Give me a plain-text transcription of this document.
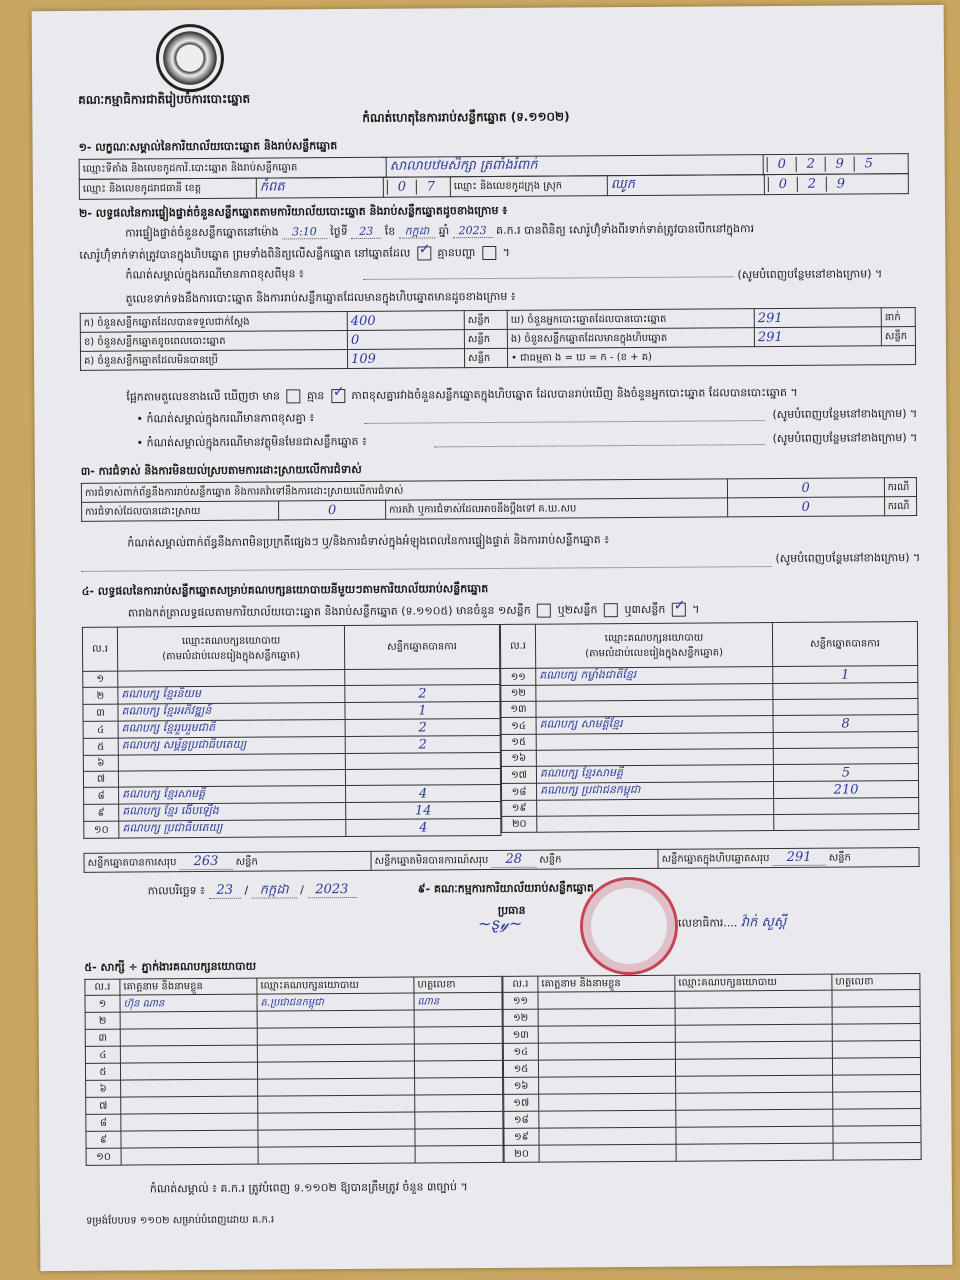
គណៈកម្មាធិការជាតិរៀបចំការបោះឆ្នោត
កំណត់ហេតុនៃការរាប់សន្លឹកឆ្នោត (ទ.១១០២)
១- លក្ខណៈសម្គាល់នៃការិយាល័យបោះឆ្នោត និងរាប់សន្លឹកឆ្នោត
ឈ្មោះទីតាំង និងលេខកូដការិ.បោះឆ្នោត និងរាប់សន្លឹកឆ្នោត	សាលាបឋមសិក្សា ត្រពាំងរំពាក់	0 2 9 5
ឈ្មោះ និងលេខកូដរាជធានី ខេត្ត	កំពត	0 7	ឈ្មោះ និងលេខកូដក្រុង ស្រុក	ឈូក	0 2 9
២- លទ្ធផលនៃការផ្ទៀងផ្ទាត់ចំនួនសន្លឹកឆ្នោតតាមការិយាល័យបោះឆ្នោត និងរាប់សន្លឹកឆ្នោតដូចខាងក្រោម ៖
ការផ្ទៀងផ្ទាត់ចំនួនសន្លឹកឆ្នោតនៅម៉ោង 3:10 ថ្ងៃទី 23 ខែ កក្កដា ឆ្នាំ 2023 គ.ក.រ បានពិនិត្យ សោរ៉ូហ៊ុំទាំងពីរទាក់ទាត់ត្រូវបានបើកនៅក្នុងការ
សោរ៉ូហ៊ុំទាក់ទាត់ត្រូវបានក្នុងហិបឆ្នោត ព្រមទាំងពិនិត្យលើសន្លឹកឆ្នោត នៅឆ្នោតដែល ✓ គ្មានបញ្ហា  ។
កំណត់សម្គាល់ក្នុងករណីមានភាពខុសពីមុន ៖	(សូមបំពេញបន្ថែមនៅខាងក្រោម) ។
តួលេខទាក់ទងនឹងការបោះឆ្នោត និងការរាប់សន្លឹកឆ្នោតដែលមានក្នុងហិបឆ្នោតមានដូចខាងក្រោម ៖
ក) ចំនួនសន្លឹកឆ្នោតដែលបានទទួលជាក់ស្តែង	400	សន្លឹក	ឃ) ចំនួនអ្នកបោះឆ្នោតដែលបានបោះឆ្នោត	291	នាក់
ខ) ចំនួនសន្លឹកឆ្នោតខូចពេលបោះឆ្នោត	0	សន្លឹក	ង) ចំនួនសន្លឹកឆ្នោតដែលមានក្នុងហិបឆ្នោត	291	សន្លឹក
គ) ចំនួនសន្លឹកឆ្នោតដែលមិនបានប្រើ	109	សន្លឹក	• ជាធម្មតា ង = ឃ = ក - (ខ + គ)		
ផ្អែកតាមតួលេខខាងលើ ឃើញថា មាន គ្មាន ✓ ភាពខុសគ្នារវាងចំនួនសន្លឹកឆ្នោតក្នុងហិបឆ្នោត ដែលបានរាប់ឃើញ និងចំនួនអ្នកបោះឆ្នោត ដែលបានបោះឆ្នោត ។
• កំណត់សម្គាល់ក្នុងករណីមានភាពខុសគ្នា ៖	(សូមបំពេញបន្ថែមនៅខាងក្រោម) ។
• កំណត់សម្គាល់ក្នុងករណីមានវត្ថុមិនមែនជាសន្លឹកឆ្នោត ៖	(សូមបំពេញបន្ថែមនៅខាងក្រោម) ។
៣- ការជំទាស់ និងការមិនយល់ស្របតាមការដោះស្រាយលើការជំទាស់
ការជំទាស់ពាក់ព័ន្ធនឹងការរាប់សន្លឹកឆ្នោត និងការតវ៉ាទៅនឹងការដោះស្រាយលើការជំទាស់			0	ករណី
ការជំទាស់ដែលបានដោះស្រាយ	0	ការតវ៉ា ឬការជំទាស់ដែលអាចនឹងប្តឹងទៅ គ.ឃ.សប	0	ករណី
កំណត់សម្គាល់ពាក់ព័ន្ធនឹងភាពមិនប្រក្រតីផ្សេងៗ ឬ/និងការជំទាស់ក្នុងអំឡុងពេលនៃការផ្ទៀងផ្ទាត់ និងការរាប់សន្លឹកឆ្នោត ៖
(សូមបំពេញបន្ថែមនៅខាងក្រោម) ។
៤- លទ្ធផលនៃការរាប់សន្លឹកឆ្នោតសម្រាប់គណបក្សនយោបាយនីមួយៗតាមការិយាល័យរាប់សន្លឹកឆ្នោត
តារាងកត់ត្រាលទ្ធផលតាមការិយាល័យបោះឆ្នោត និងរាប់សន្លឹកឆ្នោត (ទ.១១០៥) មានចំនួន ១សន្លឹក ឬ២សន្លឹក ឬ៣សន្លឹក ✓ ។
ល.រ	ឈ្មោះគណបក្សនយោបាយ
(តាមលំដាប់លេខរៀងក្នុងសន្លឹកឆ្នោត)	សន្លឹកឆ្នោតបានការ
១		
២	គណបក្ស ខ្មែរនិយម	2
៣	គណបក្ស ខ្មែរអភិវឌ្ឍន៍	1
៤	គណបក្ស ខ្មែររួបរួមជាតិ	2
៥	គណបក្ស សម្ព័ន្ធប្រជាធិបតេយ្យ	2
៦		
៧		
៨	គណបក្ស ខ្មែរសាមគ្គី	4
៩	គណបក្ស ខ្មែរ ងើបឡើង	14
១០	គណបក្ស ប្រជាធិបតេយ្យ	4
ល.រ	ឈ្មោះគណបក្សនយោបាយ
(តាមលំដាប់លេខរៀងក្នុងសន្លឹកឆ្នោត)	សន្លឹកឆ្នោតបានការ
១១	គណបក្ស កម្លាំងជាតិខ្មែរ	1
១២		
១៣		
១៤	គណបក្ស សាមគ្គីខ្មែរ	8
១៥		
១៦		
១៧	គណបក្ស ខ្មែរសាមគ្គី	5
១៨	គណបក្ស ប្រជាជនកម្ពុជា	210
១៩		
២០		
សន្លឹកឆ្នោតបានការសរុប 263 សន្លឹក	សន្លឹកឆ្នោតមិនបានការណ៍សរុប 28 សន្លឹក	សន្លឹកឆ្នោតក្នុងហិបឆ្នោតសរុប 291 សន្លឹក
កាលបរិច្ឆេទ ៖ 23 / កក្កដា / 2023	៩- គណៈកម្មការការិយាល័យរាប់សន្លឹកឆ្នោត
ប្រធាន
~ȿ𝓎~	លេខាធិការ.... វ៉ាក់ សួស្តី
៥- សាក្សី ÷ ភ្នាក់ងារគណបក្សនយោបាយ
ល.រ	គោត្តនាម និងនាមខ្លួន	ឈ្មោះគណបក្សនយោបាយ	ហត្ថលេខា
១	ហ៊ុន ណាន	គ.ប្រជាជនកម្ពុជា	ណាន
២			
៣			
៤			
៥			
៦			
៧			
៨			
៩			
១០			
ល.រ	គោត្តនាម និងនាមខ្លួន	ឈ្មោះគណបក្សនយោបាយ	ហត្ថលេខា
១១			
១២			
១៣			
១៤			
១៥			
១៦			
១៧			
១៨			
១៩			
២០			
កំណត់សម្គាល់ ៖ គ.ក.រ ត្រូវបំពេញ ទ.១១០២ ឱ្យបានត្រឹមត្រូវ ចំនួន ៣ច្បាប់ ។
ទម្រង់បែបបទ ១១០២ សម្រាប់បំពេញដោយ គ.ក.រ
